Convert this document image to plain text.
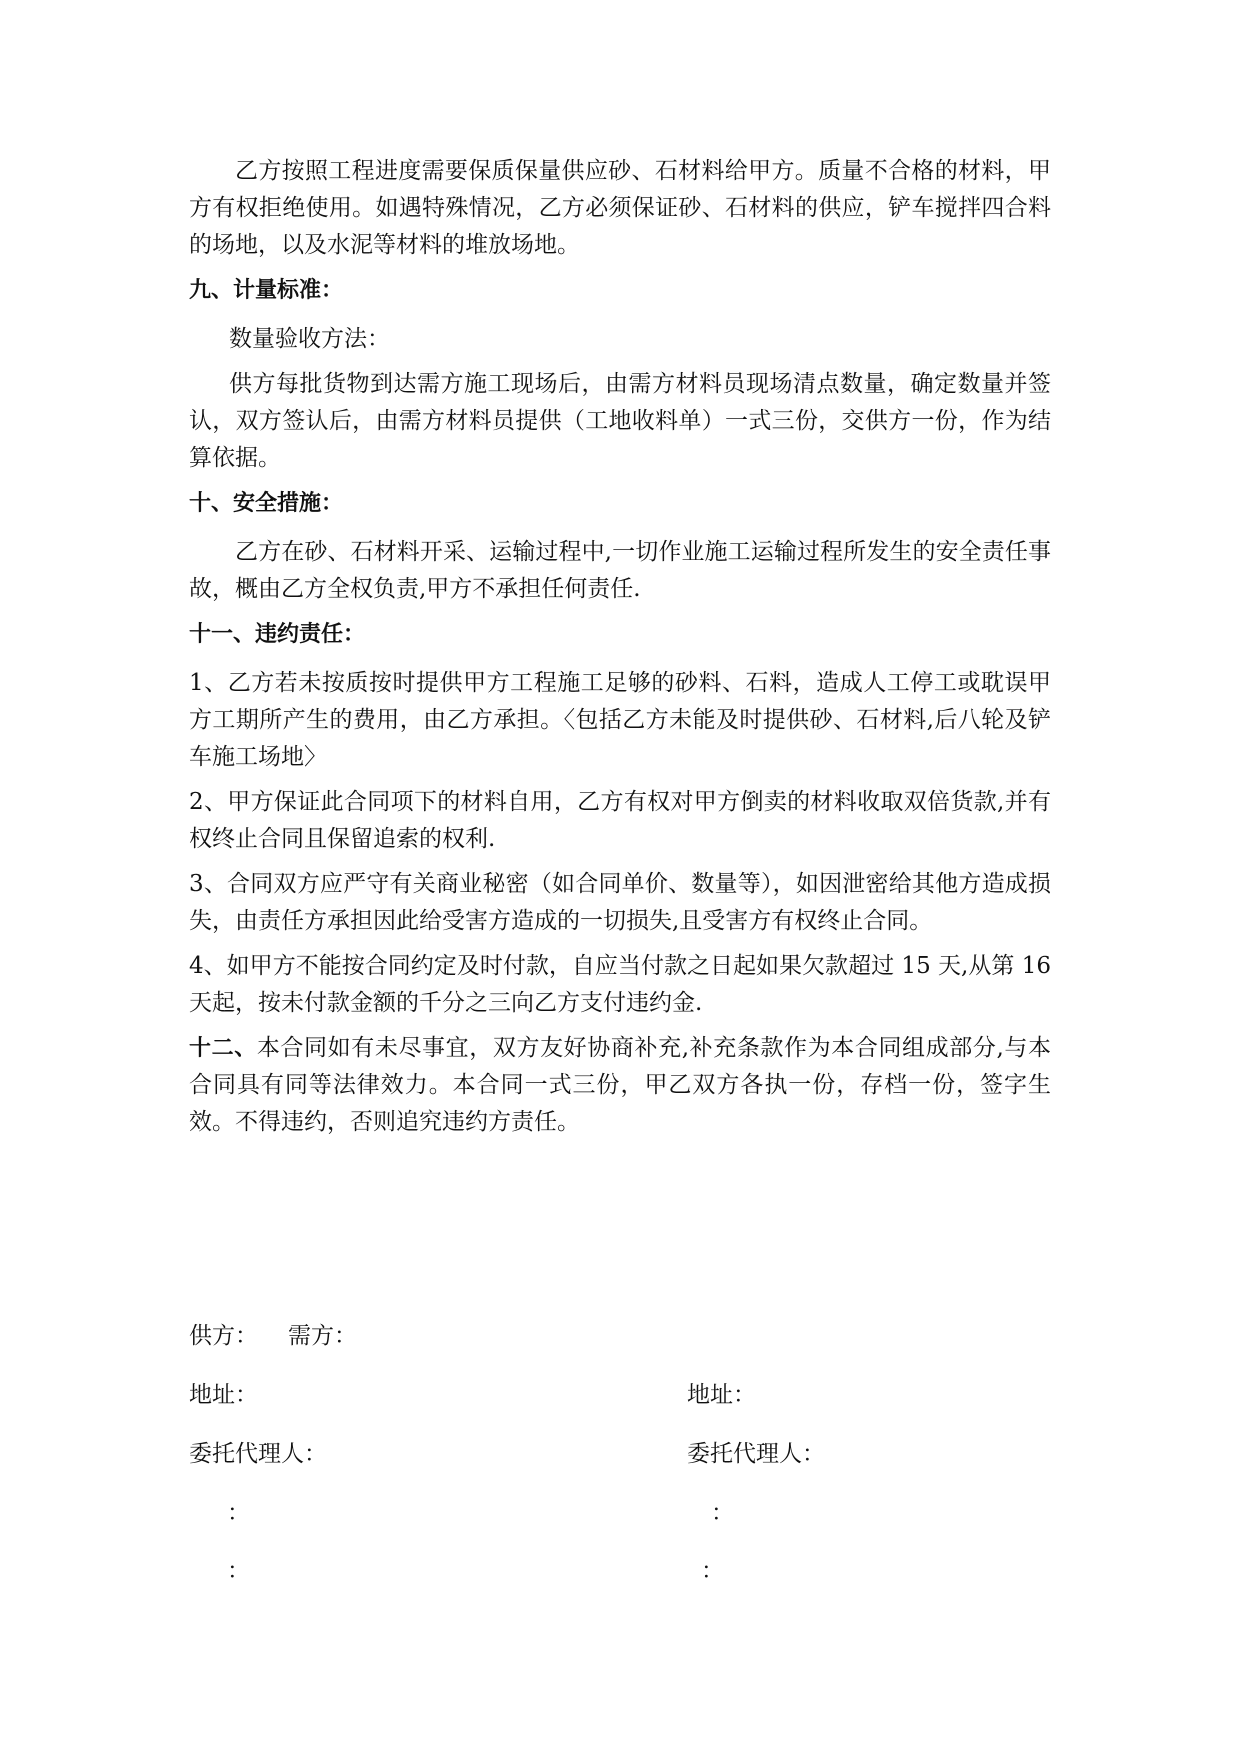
乙方按照工程进度需要保质保量供应砂、石材料给甲方。质量不合格的材料，甲方有权拒绝使用。如遇特殊情况，乙方必须保证砂、石材料的供应，铲车搅拌四合料的场地，以及水泥等材料的堆放场地。

九、计量标准：

数量验收方法：

供方每批货物到达需方施工现场后，由需方材料员现场清点数量，确定数量并签认，双方签认后，由需方材料员提供（工地收料单）一式三份，交供方一份，作为结算依据。

十、安全措施：

乙方在砂、石材料开采、运输过程中,一切作业施工运输过程所发生的安全责任事故，概由乙方全权负责,甲方不承担任何责任.

十一、违约责任：

1、乙方若未按质按时提供甲方工程施工足够的砂料、石料，造成人工停工或耽误甲方工期所产生的费用，由乙方承担。〈包括乙方未能及时提供砂、石材料,后八轮及铲车施工场地〉

2、甲方保证此合同项下的材料自用，乙方有权对甲方倒卖的材料收取双倍货款,并有权终止合同且保留追索的权利.

3、合同双方应严守有关商业秘密（如合同单价、数量等），如因泄密给其他方造成损失，由责任方承担因此给受害方造成的一切损失,且受害方有权终止合同。

4、如甲方不能按合同约定及时付款，自应当付款之日起如果欠款超过 15 天,从第 16 天起，按未付款金额的千分之三向乙方支付违约金.

十二、本合同如有未尽事宜，双方友好协商补充,补充条款作为本合同组成部分,与本合同具有同等法律效力。本合同一式三份，甲乙双方各执一份，存档一份，签字生效。不得违约，否则追究违约方责任。

供方： 需方：
地址：	地址：
委托代理人：	委托代理人：
：	：
：	：
